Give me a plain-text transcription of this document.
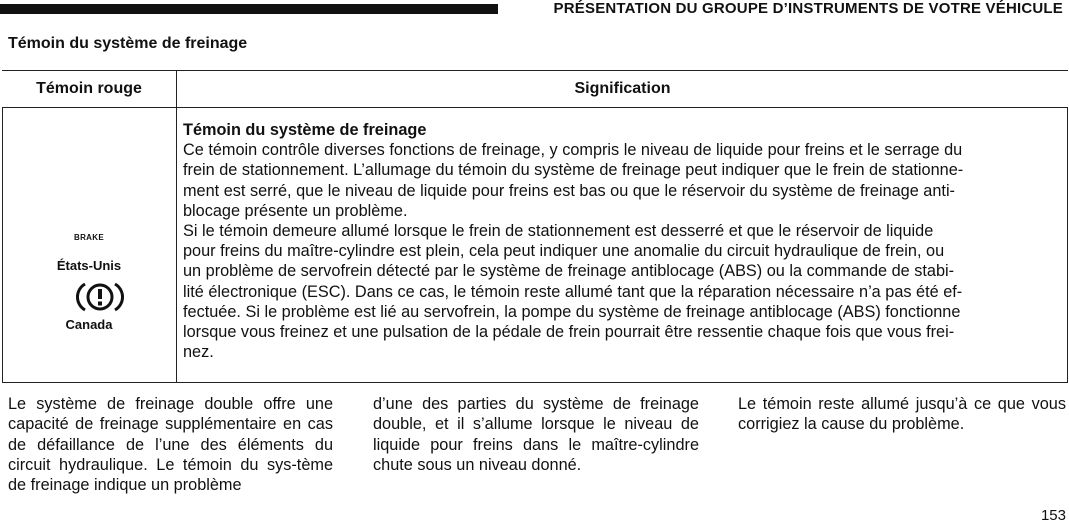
PRÉSENTATION DU GROUPE D’INSTRUMENTS DE VOTRE VÉHICULE
Témoin du système de freinage
Témoin rouge	Signification
BRAKE
États-Unis
Canada

Témoin du système de freinage

Ce témoin contrôle diverses fonctions de freinage, y compris le niveau de liquide pour freins et le serrage du

frein de stationnement. L’allumage du témoin du système de freinage peut indiquer que le frein de stationne-

ment est serré, que le niveau de liquide pour freins est bas ou que le réservoir du système de freinage anti-

blocage présente un problème.

Si le témoin demeure allumé lorsque le frein de stationnement est desserré et que le réservoir de liquide

pour freins du maître-cylindre est plein, cela peut indiquer une anomalie du circuit hydraulique de frein, ou

un problème de servofrein détecté par le système de freinage antiblocage (ABS) ou la commande de stabi-

lité électronique (ESC). Dans ce cas, le témoin reste allumé tant que la réparation nécessaire n’a pas été ef-

fectuée. Si le problème est lié au servofrein, la pompe du système de freinage antiblocage (ABS) fonctionne

lorsque vous freinez et une pulsation de la pédale de frein pourrait être ressentie chaque fois que vous frei-

nez.

Le système de freinage double offre une capacité de freinage supplémentaire en cas de défaillance de l’une des éléments du circuit hydraulique. Le témoin du sys-tème de freinage indique un problème
d’une des parties du système de freinage double, et il s’allume lorsque le niveau de liquide pour freins dans le maître-cylindre chute sous un niveau donné.
Le témoin reste allumé jusqu’à ce que vous corrigiez la cause du problème.
153
